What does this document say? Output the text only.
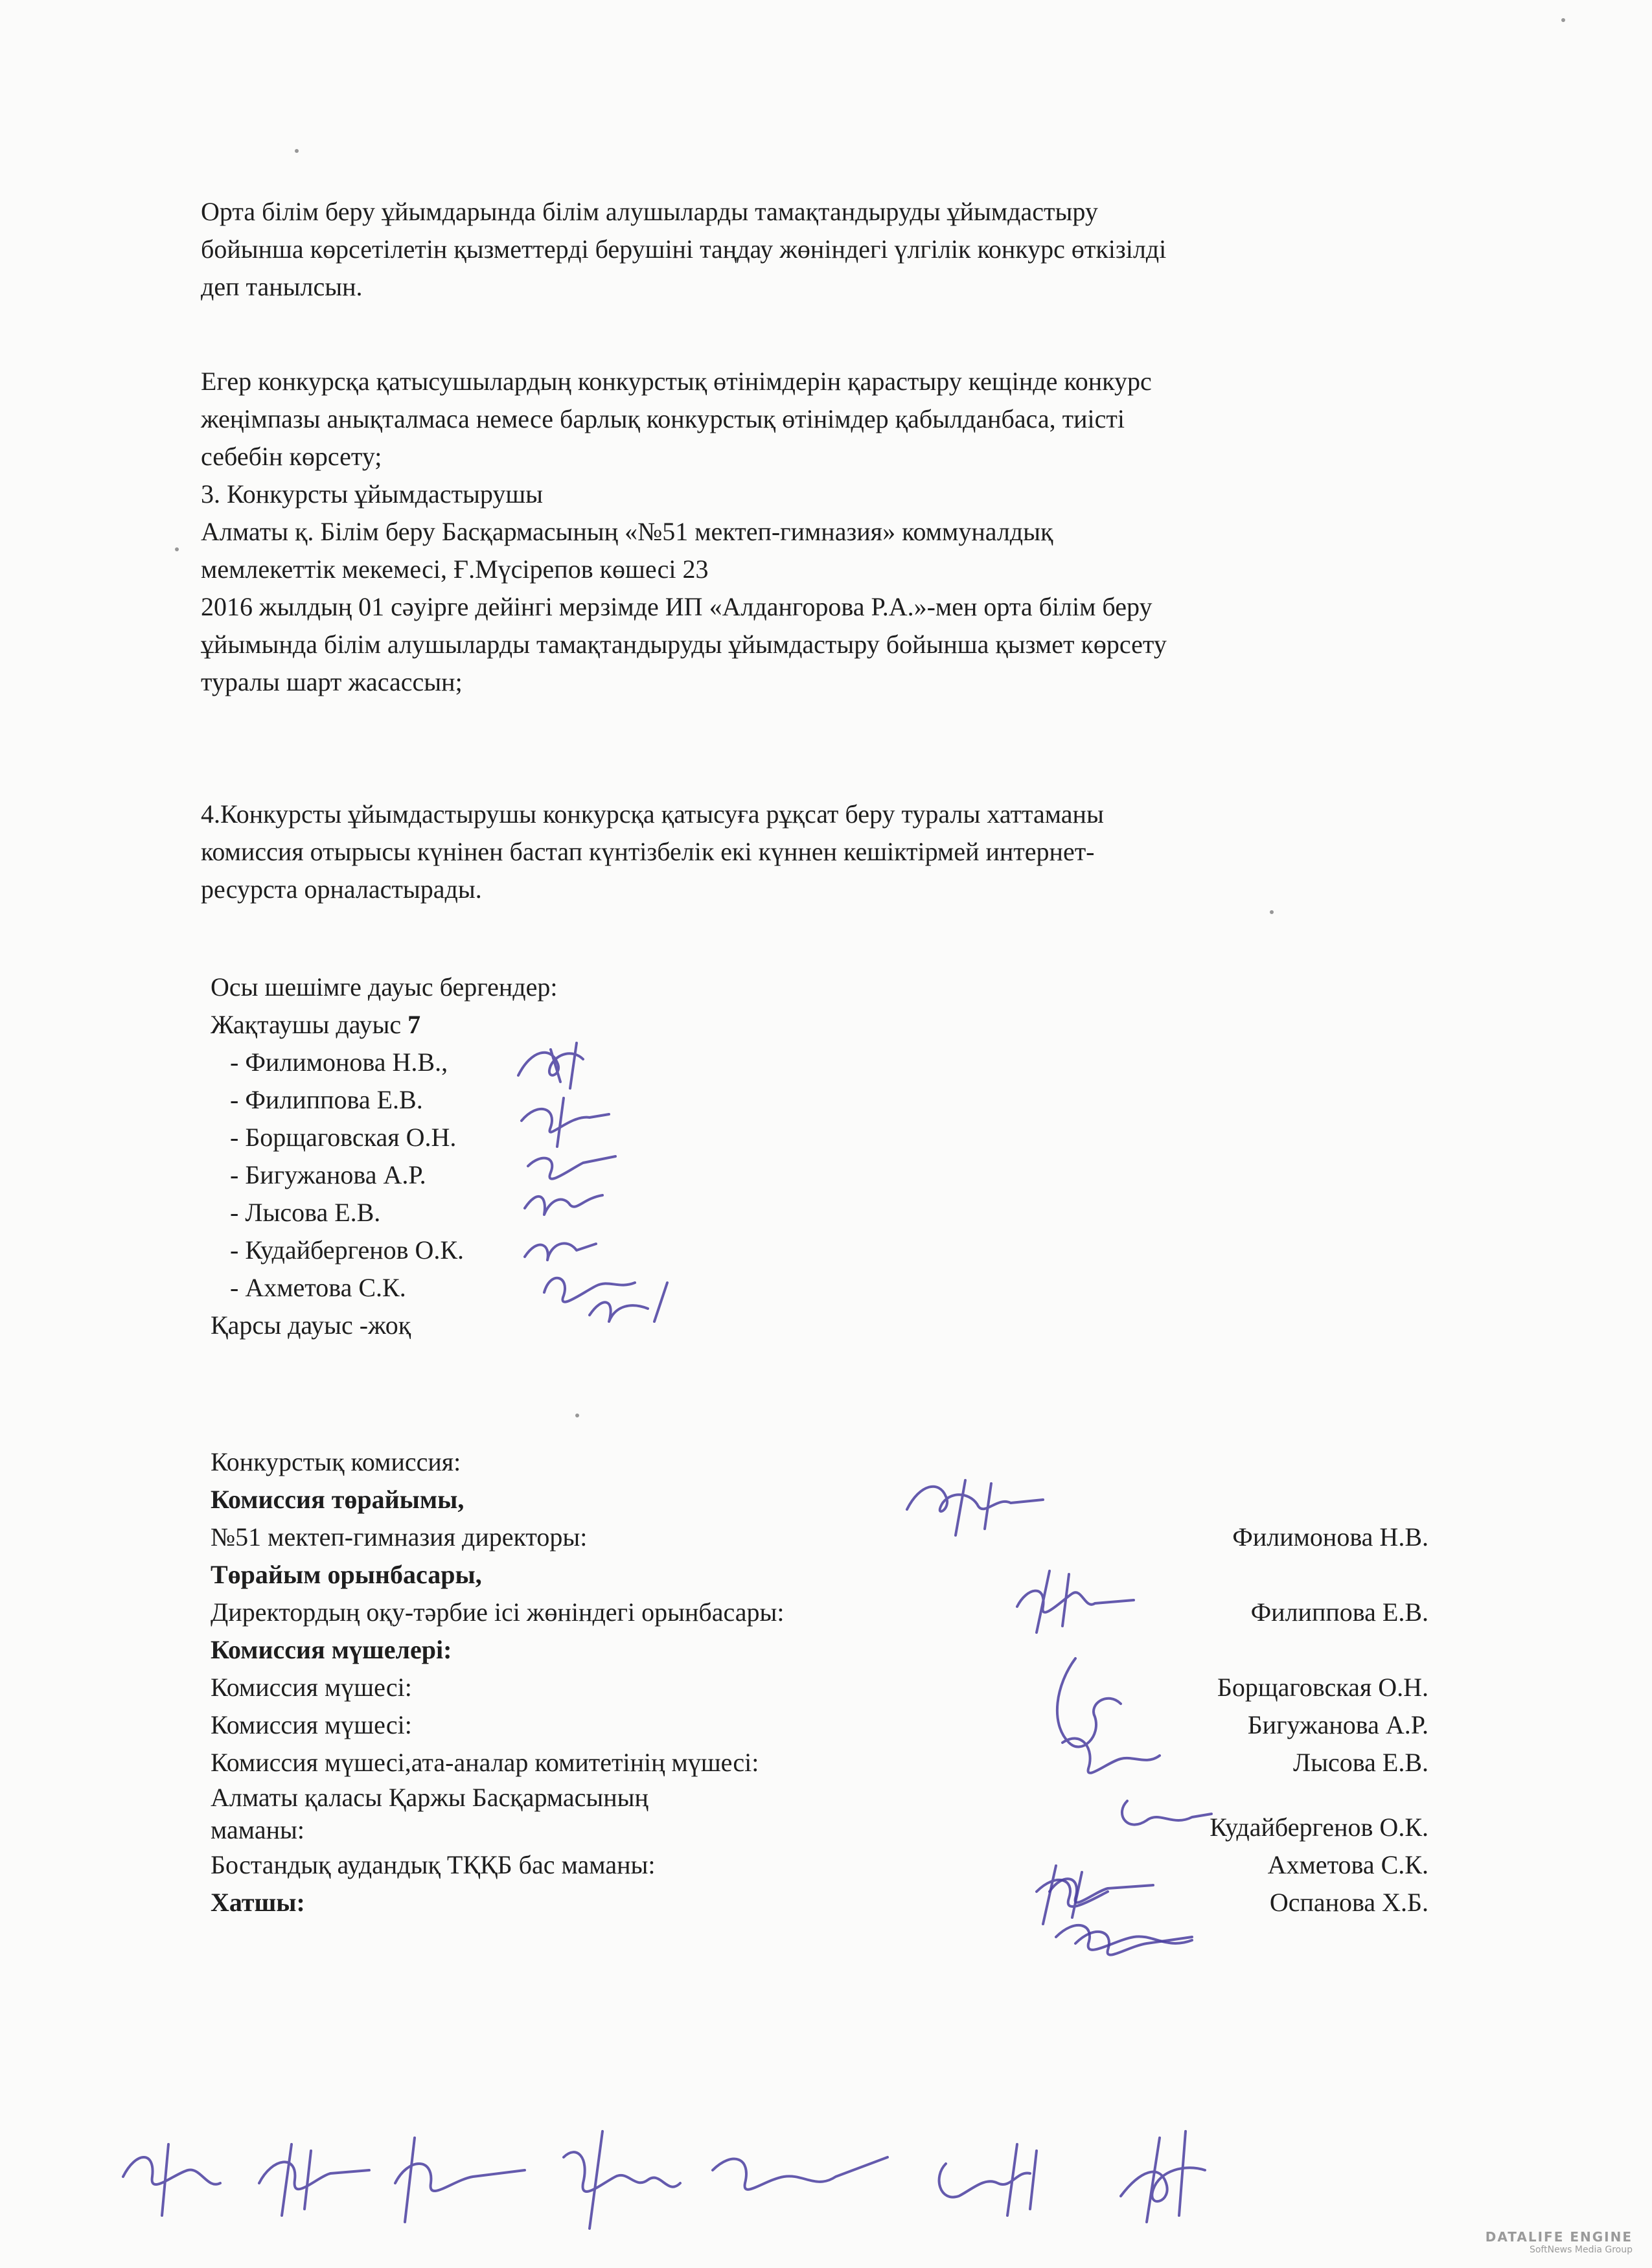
Орта білім беру ұйымдарында білім алушыларды тамақтандыруды ұйымдастыру
бойынша көрсетілетін қызметтерді берушіні таңдау жөніндегі үлгілік конкурс өткізілді
деп танылсын.
Егер конкурсқа қатысушылардың конкурстық өтінімдерін қарастыру кещінде конкурс
жеңімпазы анықталмаса немесе барлық конкурстық өтінімдер қабылданбаса, тиісті
себебін көрсету;
3. Конкурсты ұйымдастырушы
Алматы қ. Білім беру Басқармасының «№51 мектеп-гимназия» коммуналдық
мемлекеттік мекемесі, Ғ.Мүсірепов көшесі 23
2016 жылдың 01 сәуірге дейінгі мерзімде ИП «Алдангорова Р.А.»-мен орта білім беру
ұйымында білім алушыларды тамақтандыруды ұйымдастыру бойынша қызмет көрсету
туралы шарт жасассын;
4.Конкурсты ұйымдастырушы конкурсқа қатысуға рұқсат беру туралы хаттаманы
комиссия отырысы күнінен бастап күнтізбелік екі күннен кешіктірмей интернет-
ресурста орналастырады.
Осы шешімге дауыс бергендер:
Жақтаушы дауыс 7
- Филимонова Н.В.,
- Филиппова Е.В.
- Борщаговская О.Н.
- Бигужанова А.Р.
- Лысова Е.В.
- Кудайбергенов О.К.
- Ахметова С.К.
Қарсы дауыс -жоқ
Конкурстық комиссия:
Комиссия төрайымы,
№51 мектеп-гимназия директоры:	Филимонова Н.В.
Төрайым орынбасары,
Директордың оқу-тәрбие ісі жөніндегі орынбасары:	Филиппова Е.В.
Комиссия мүшелері:
Комиссия мүшесі:	Борщаговская О.Н.
Комиссия мүшесі:	Бигужанова А.Р.
Комиссия мүшесі,ата-аналар комитетінің мүшесі:	Лысова Е.В.
Алматы қаласы Қаржы Басқармасының
маманы:	Кудайбергенов О.К.
Бостандық аудандық ТҚҚБ бас маманы:	Ахметова С.К.
Хатшы:	Оспанова Х.Б.
DATALIFE ENGINE
SoftNews Media Group
